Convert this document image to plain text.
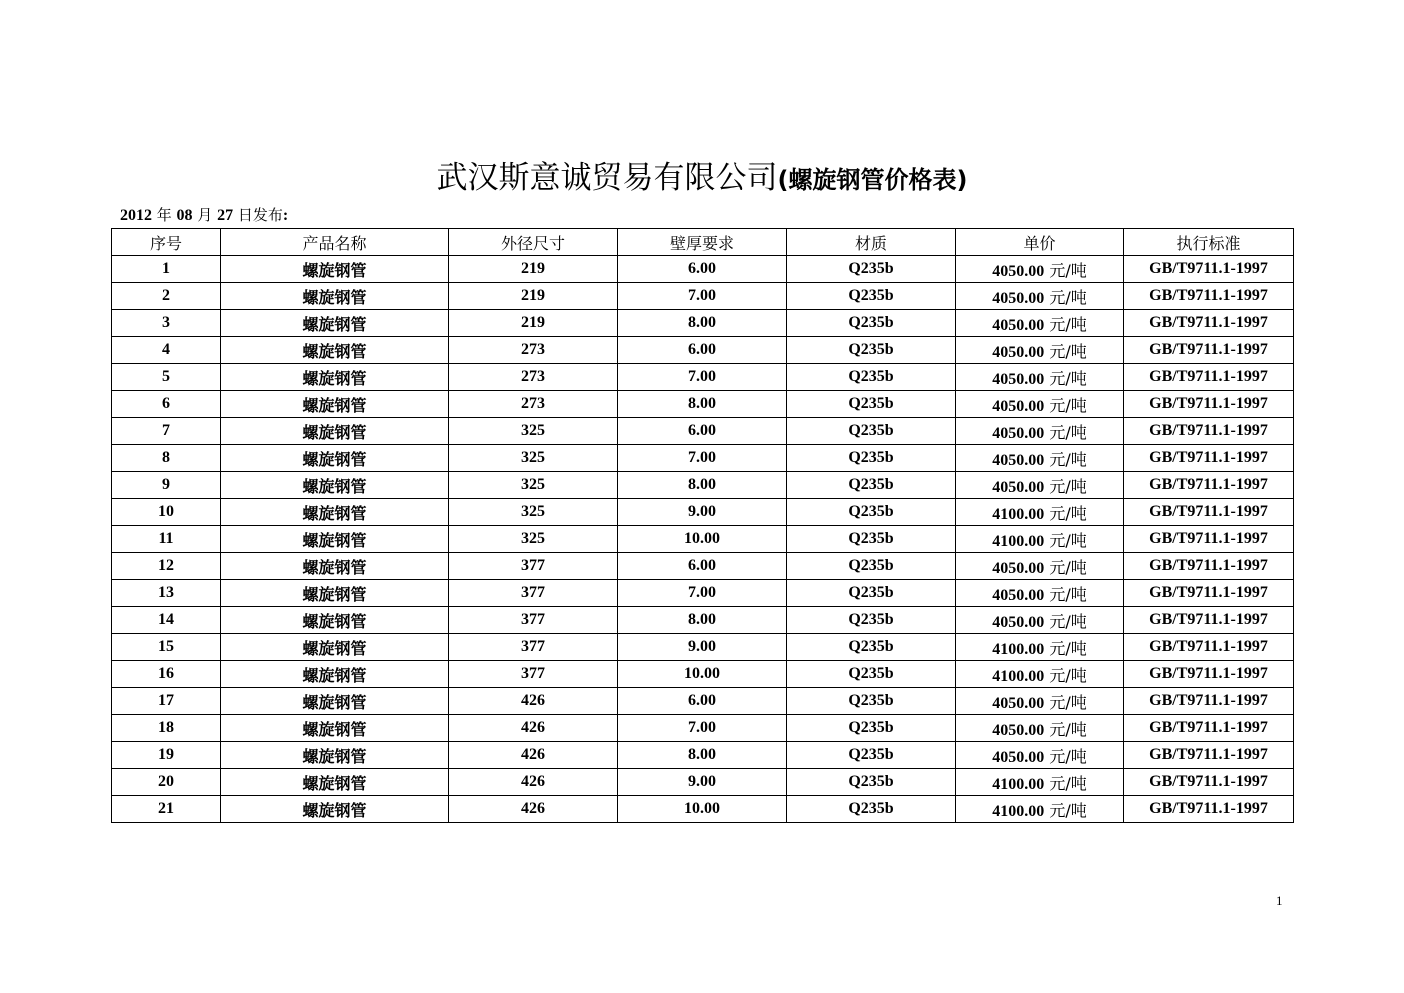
武汉斯意诚贸易有限公司(螺旋钢管价格表)
2012 年 08 月 27 日发布:
序号	产品名称	外径尺寸	壁厚要求	材质	单价	执行标准
1	螺旋钢管	219	6.00	Q235b	4050.00 元/吨	GB/T9711.1-1997
2	螺旋钢管	219	7.00	Q235b	4050.00 元/吨	GB/T9711.1-1997
3	螺旋钢管	219	8.00	Q235b	4050.00 元/吨	GB/T9711.1-1997
4	螺旋钢管	273	6.00	Q235b	4050.00 元/吨	GB/T9711.1-1997
5	螺旋钢管	273	7.00	Q235b	4050.00 元/吨	GB/T9711.1-1997
6	螺旋钢管	273	8.00	Q235b	4050.00 元/吨	GB/T9711.1-1997
7	螺旋钢管	325	6.00	Q235b	4050.00 元/吨	GB/T9711.1-1997
8	螺旋钢管	325	7.00	Q235b	4050.00 元/吨	GB/T9711.1-1997
9	螺旋钢管	325	8.00	Q235b	4050.00 元/吨	GB/T9711.1-1997
10	螺旋钢管	325	9.00	Q235b	4100.00 元/吨	GB/T9711.1-1997
11	螺旋钢管	325	10.00	Q235b	4100.00 元/吨	GB/T9711.1-1997
12	螺旋钢管	377	6.00	Q235b	4050.00 元/吨	GB/T9711.1-1997
13	螺旋钢管	377	7.00	Q235b	4050.00 元/吨	GB/T9711.1-1997
14	螺旋钢管	377	8.00	Q235b	4050.00 元/吨	GB/T9711.1-1997
15	螺旋钢管	377	9.00	Q235b	4100.00 元/吨	GB/T9711.1-1997
16	螺旋钢管	377	10.00	Q235b	4100.00 元/吨	GB/T9711.1-1997
17	螺旋钢管	426	6.00	Q235b	4050.00 元/吨	GB/T9711.1-1997
18	螺旋钢管	426	7.00	Q235b	4050.00 元/吨	GB/T9711.1-1997
19	螺旋钢管	426	8.00	Q235b	4050.00 元/吨	GB/T9711.1-1997
20	螺旋钢管	426	9.00	Q235b	4100.00 元/吨	GB/T9711.1-1997
21	螺旋钢管	426	10.00	Q235b	4100.00 元/吨	GB/T9711.1-1997
1
